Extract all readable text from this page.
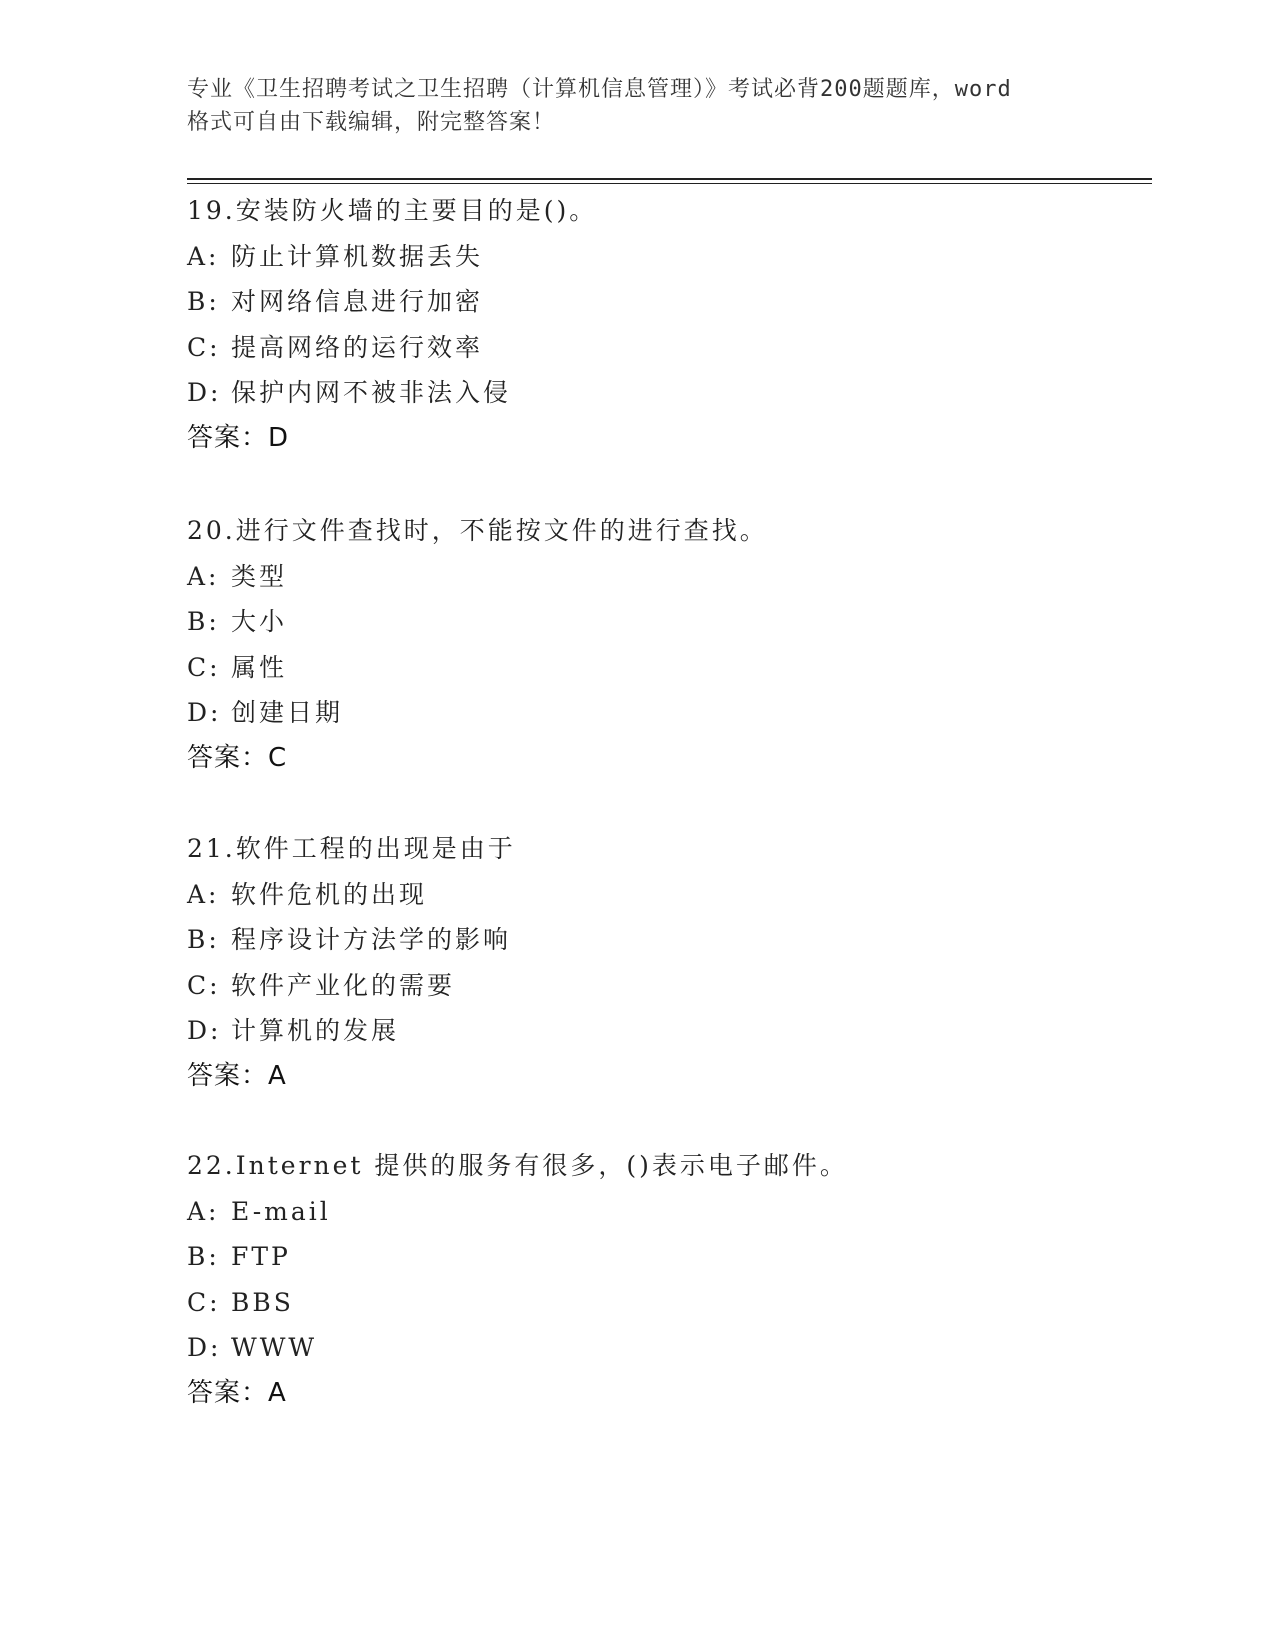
专业《卫生招聘考试之卫生招聘（计算机信息管理）》考试必背200题题库，word
格式可自由下载编辑，附完整答案！
19.安装防火墙的主要目的是()。
A: 防止计算机数据丢失
B: 对网络信息进行加密
C: 提高网络的运行效率
D: 保护内网不被非法入侵
答案：D
20.进行文件查找时，不能按文件的进行查找。
A: 类型
B: 大小
C: 属性
D: 创建日期
答案：C
21.软件工程的出现是由于
A: 软件危机的出现
B: 程序设计方法学的影响
C: 软件产业化的需要
D: 计算机的发展
答案：A
22.Internet 提供的服务有很多，()表示电子邮件。
A: E-mail
B: FTP
C: BBS
D: WWW
答案：A
